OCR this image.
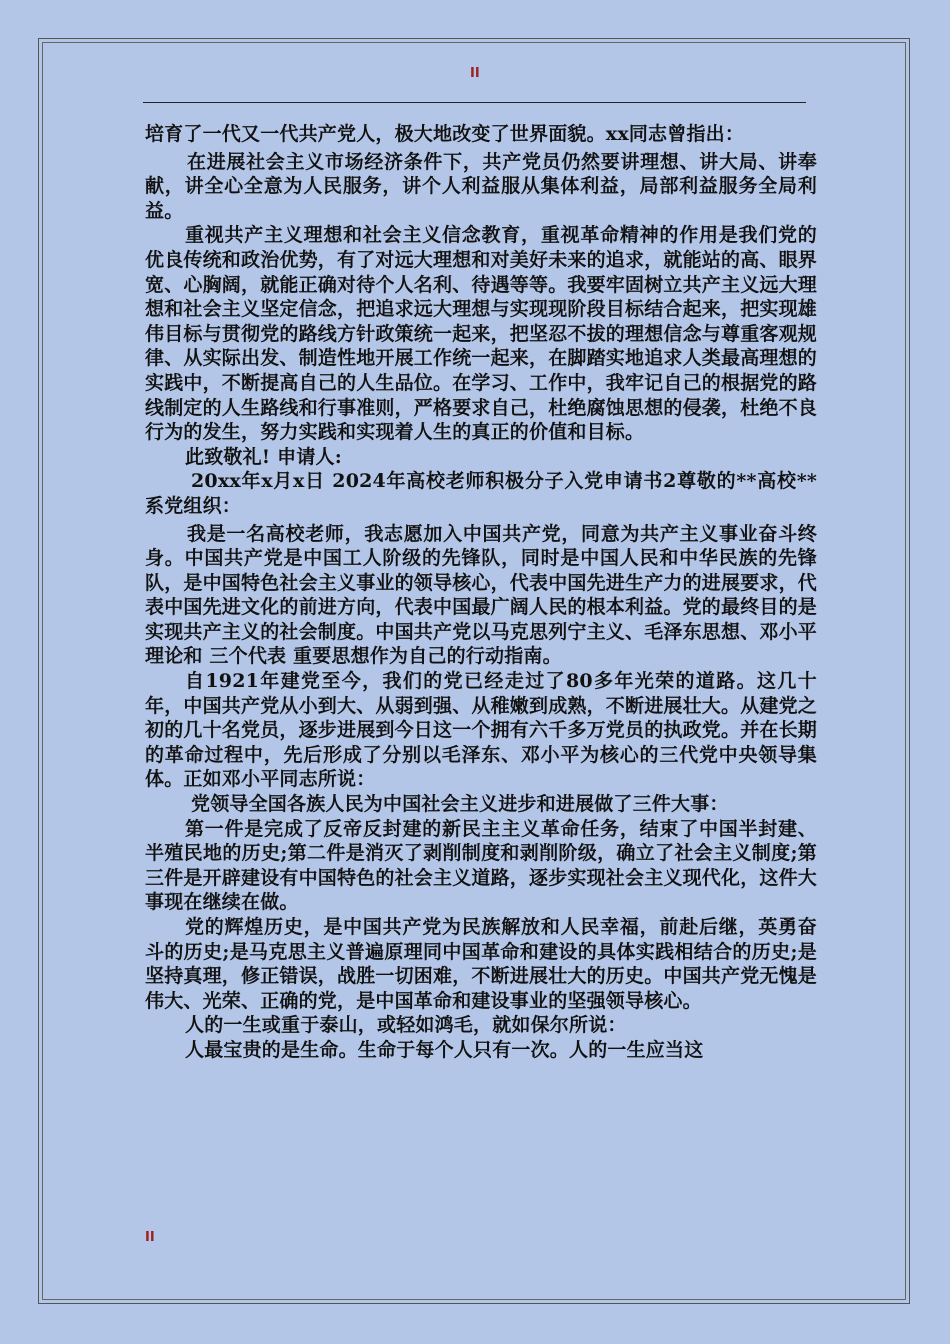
II

培育了一代又一代共产党人，极大地改变了世界面貌。xx同志曾指出：

在进展社会主义市场经济条件下，共产党员仍然要讲理想、讲大局、讲奉献，讲全心全意为人民服务，讲个人利益服从集体利益，局部利益服务全局利益。

重视共产主义理想和社会主义信念教育，重视革命精神的作用是我们党的优良传统和政治优势，有了对远大理想和对美好未来的追求，就能站的高、眼界宽、心胸阔，就能正确对待个人名利、待遇等等。我要牢固树立共产主义远大理想和社会主义坚定信念，把追求远大理想与实现现阶段目标结合起来，把实现雄伟目标与贯彻党的路线方针政策统一起来，把坚忍不拔的理想信念与尊重客观规律、从实际出发、制造性地开展工作统一起来，在脚踏实地追求人类最高理想的实践中，不断提高自己的人生品位。在学习、工作中，我牢记自己的根据党的路线制定的人生路线和行事准则，严格要求自己，杜绝腐蚀思想的侵袭，杜绝不良行为的发生，努力实践和实现着人生的真正的价值和目标。

此致敬礼! 申请人:

20xx年x月x日 2024年高校老师积极分子入党申请书2尊敬的**高校**系党组织：

我是一名高校老师，我志愿加入中国共产党，同意为共产主义事业奋斗终身。中国共产党是中国工人阶级的先锋队，同时是中国人民和中华民族的先锋队，是中国特色社会主义事业的领导核心，代表中国先进生产力的进展要求，代表中国先进文化的前进方向，代表中国最广阔人民的根本利益。党的最终目的是实现共产主义的社会制度。中国共产党以马克思列宁主义、毛泽东思想、邓小平理论和 三个代表 重要思想作为自己的行动指南。

自1921年建党至今，我们的党已经走过了80多年光荣的道路。这几十年，中国共产党从小到大、从弱到强、从稚嫩到成熟，不断进展壮大。从建党之初的几十名党员，逐步进展到今日这一个拥有六千多万党员的执政党。并在长期的革命过程中，先后形成了分别以毛泽东、邓小平为核心的三代党中央领导集体。正如邓小平同志所说：

党领导全国各族人民为中国社会主义进步和进展做了三件大事：

第一件是完成了反帝反封建的新民主主义革命任务，结束了中国半封建、半殖民地的历史;第二件是消灭了剥削制度和剥削阶级，确立了社会主义制度;第三件是开辟建设有中国特色的社会主义道路，逐步实现社会主义现代化，这件大事现在继续在做。

党的辉煌历史，是中国共产党为民族解放和人民幸福，前赴后继，英勇奋斗的历史;是马克思主义普遍原理同中国革命和建设的具体实践相结合的历史;是坚持真理，修正错误，战胜一切困难，不断进展壮大的历史。中国共产党无愧是伟大、光荣、正确的党，是中国革命和建设事业的坚强领导核心。

人的一生或重于泰山，或轻如鸿毛，就如保尔所说：

人最宝贵的是生命。生命于每个人只有一次。人的一生应当这

II
